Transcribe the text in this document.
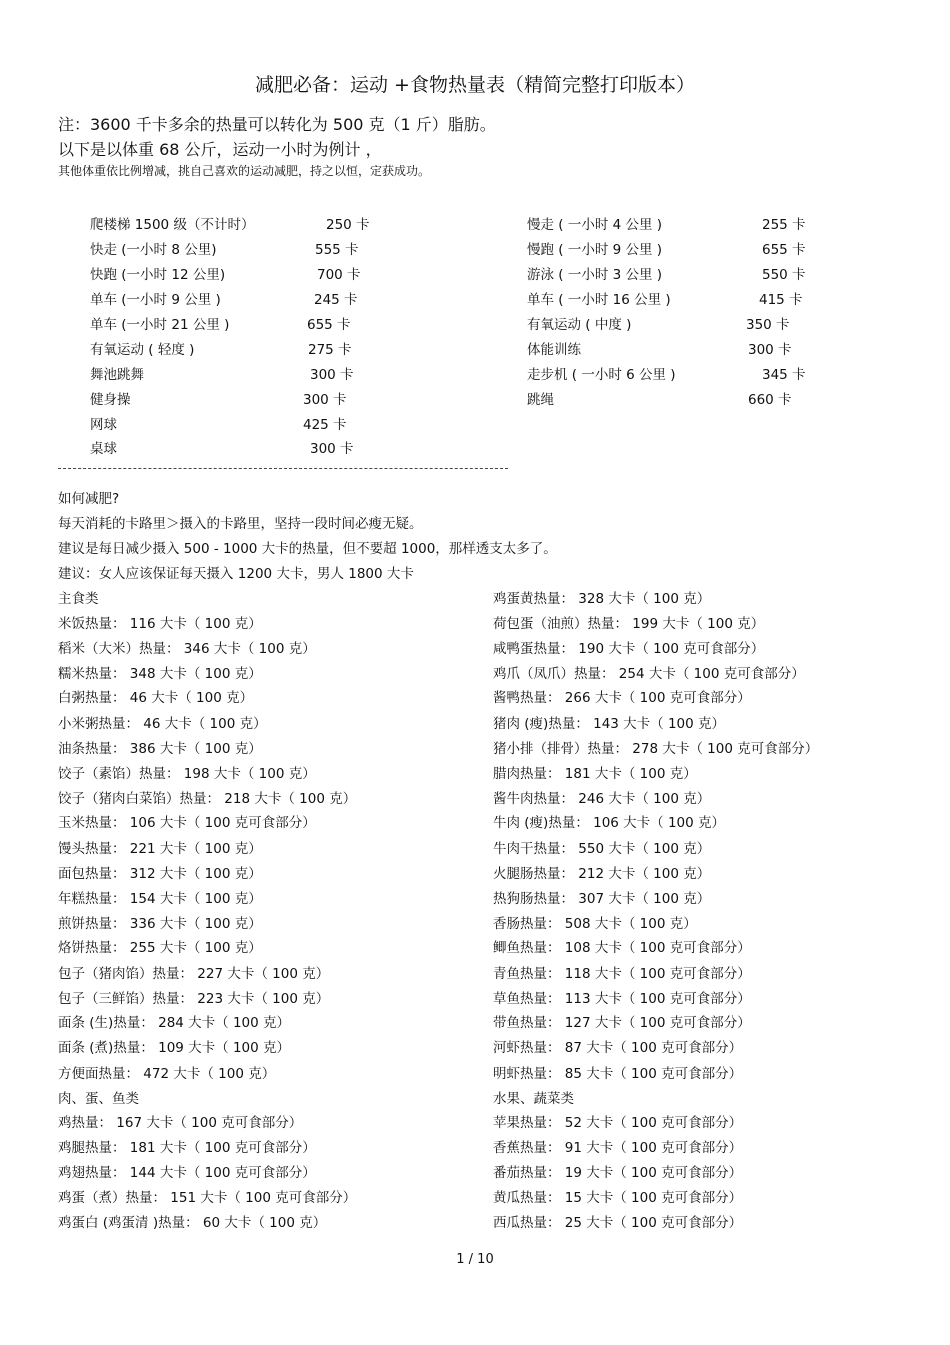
减肥必备：运动 +食物热量表（精简完整打印版本）
注：3600 千卡多余的热量可以转化为 500 克（1 斤）脂肪。
以下是以体重 68 公斤，运动一小时为例计 ，
其他体重依比例增减，挑自己喜欢的运动减肥，持之以恒，定获成功。
爬楼梯 1500 级（不计时）	250 卡
快走 (一小时 8 公里)	555 卡
快跑 (一小时 12 公里)	700 卡
单车 (一小时 9 公里 )	245 卡
单车 (一小时 21 公里 )	655 卡
有氧运动 ( 轻度 )	275 卡
舞池跳舞	300 卡
健身操	300 卡
网球	425 卡
桌球	300 卡
慢走 ( 一小时 4 公里 )	255 卡
慢跑 ( 一小时 9 公里 )	655 卡
游泳 ( 一小时 3 公里 )	550 卡
单车 ( 一小时 16 公里 )	415 卡
有氧运动 ( 中度 )	350 卡
体能训练	300 卡
走步机 ( 一小时 6 公里 )	345 卡
跳绳	660 卡
如何减肥?
每天消耗的卡路里＞摄入的卡路里，坚持一段时间必瘦无疑。
建议是每日减少摄入 500 - 1000 大卡的热量，但不要超 1000，那样透支太多了。
建议：女人应该保证每天摄入 1200 大卡，男人 1800 大卡
主食类
米饭热量： 116 大卡（ 100 克）
稻米（大米）热量： 346 大卡（ 100 克）
糯米热量： 348 大卡（ 100 克）
白粥热量： 46 大卡（ 100 克）
小米粥热量： 46 大卡（ 100 克）
油条热量： 386 大卡（ 100 克）
饺子（素馅）热量： 198 大卡（ 100 克）
饺子（猪肉白菜馅）热量： 218 大卡（ 100 克）
玉米热量： 106 大卡（ 100 克可食部分）
馒头热量： 221 大卡（ 100 克）
面包热量： 312 大卡（ 100 克）
年糕热量： 154 大卡（ 100 克）
煎饼热量： 336 大卡（ 100 克）
烙饼热量： 255 大卡（ 100 克）
包子（猪肉馅）热量： 227 大卡（ 100 克）
包子（三鲜馅）热量： 223 大卡（ 100 克）
面条 (生)热量： 284 大卡（ 100 克）
面条 (煮)热量： 109 大卡（ 100 克）
方便面热量： 472 大卡（ 100 克）
肉、蛋、鱼类
鸡热量： 167 大卡（ 100 克可食部分）
鸡腿热量： 181 大卡（ 100 克可食部分）
鸡翅热量： 144 大卡（ 100 克可食部分）
鸡蛋（煮）热量： 151 大卡（ 100 克可食部分）
鸡蛋白 (鸡蛋清 )热量： 60 大卡（ 100 克）
鸡蛋黄热量： 328 大卡（ 100 克）
荷包蛋（油煎）热量： 199 大卡（ 100 克）
咸鸭蛋热量： 190 大卡（ 100 克可食部分）
鸡爪（凤爪）热量： 254 大卡（ 100 克可食部分）
酱鸭热量： 266 大卡（ 100 克可食部分）
猪肉 (瘦)热量： 143 大卡（ 100 克）
猪小排（排骨）热量： 278 大卡（ 100 克可食部分）
腊肉热量： 181 大卡（ 100 克）
酱牛肉热量： 246 大卡（ 100 克）
牛肉 (瘦)热量： 106 大卡（ 100 克）
牛肉干热量： 550 大卡（ 100 克）
火腿肠热量： 212 大卡（ 100 克）
热狗肠热量： 307 大卡（ 100 克）
香肠热量： 508 大卡（ 100 克）
鲫鱼热量： 108 大卡（ 100 克可食部分）
青鱼热量： 118 大卡（ 100 克可食部分）
草鱼热量： 113 大卡（ 100 克可食部分）
带鱼热量： 127 大卡（ 100 克可食部分）
河虾热量： 87 大卡（ 100 克可食部分）
明虾热量： 85 大卡（ 100 克可食部分）
水果、蔬菜类
苹果热量： 52 大卡（ 100 克可食部分）
香蕉热量： 91 大卡（ 100 克可食部分）
番茄热量： 19 大卡（ 100 克可食部分）
黄瓜热量： 15 大卡（ 100 克可食部分）
西瓜热量： 25 大卡（ 100 克可食部分）
1 / 10
